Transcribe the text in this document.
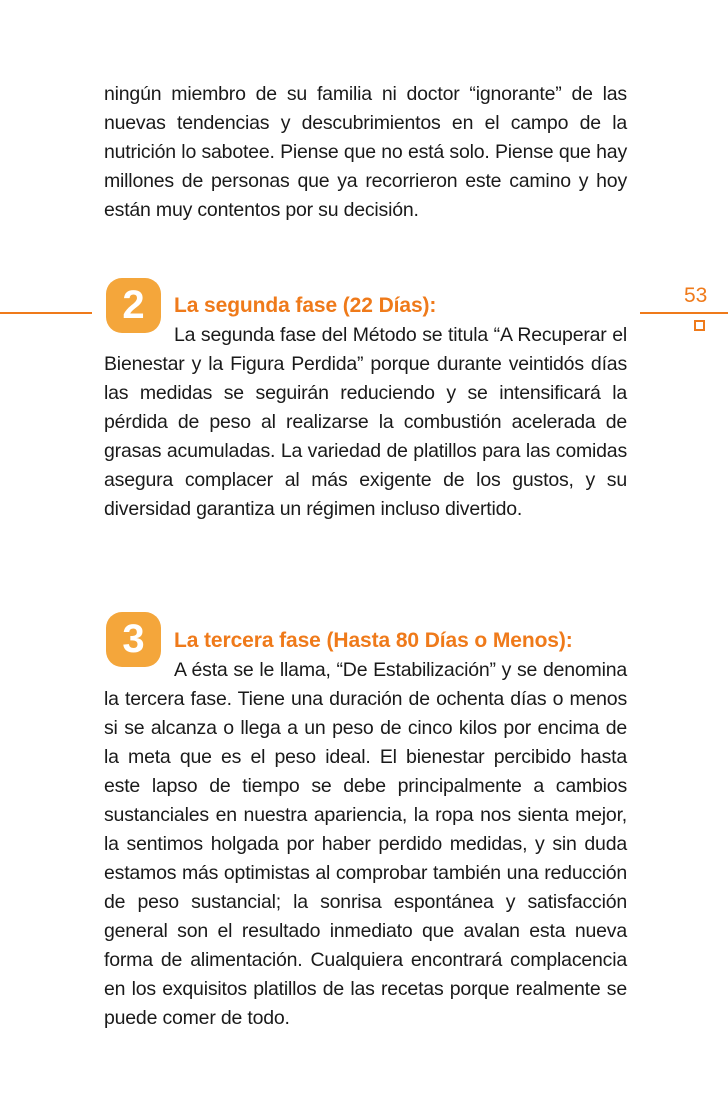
ningún miembro de su familia ni doctor “ignorante” de las nuevas tendencias y descubrimientos en el campo de la nutrición lo sabotee. Piense que no está solo. Piense que hay millones de personas que ya recorrieron este camino y hoy están muy contentos por su decisión.

53
2	La segunda fase (22 Días):
La segunda fase del Método se titula “A Recuperar el Bienestar y la Figura Perdida” porque durante veintidós días las medidas se seguirán reduciendo y se intensificará la pérdida de peso al realizarse la combustión acelerada de grasas acumuladas. La variedad de platillos para las comidas asegura complacer al más exigente de los gustos, y su diversidad garantiza un régimen incluso divertido.

3	La tercera fase (Hasta 80 Días o Menos):
A ésta se le llama, “De Estabilización” y se denomina la tercera fase. Tiene una duración de ochenta días o menos si se alcanza o llega a un peso de cinco kilos por encima de la meta que es el peso ideal. El bienestar percibido hasta este lapso de tiempo se debe principalmente a cambios sustanciales en nuestra apariencia, la ropa nos sienta mejor, la sentimos holgada por haber perdido medidas, y sin duda estamos más optimistas al comprobar también una reducción de peso sustancial; la sonrisa espontánea y satisfacción general son el resultado inmediato que avalan esta nueva forma de alimentación. Cualquiera encontrará complacencia en los exquisitos platillos de las recetas porque realmente se puede comer de todo.
